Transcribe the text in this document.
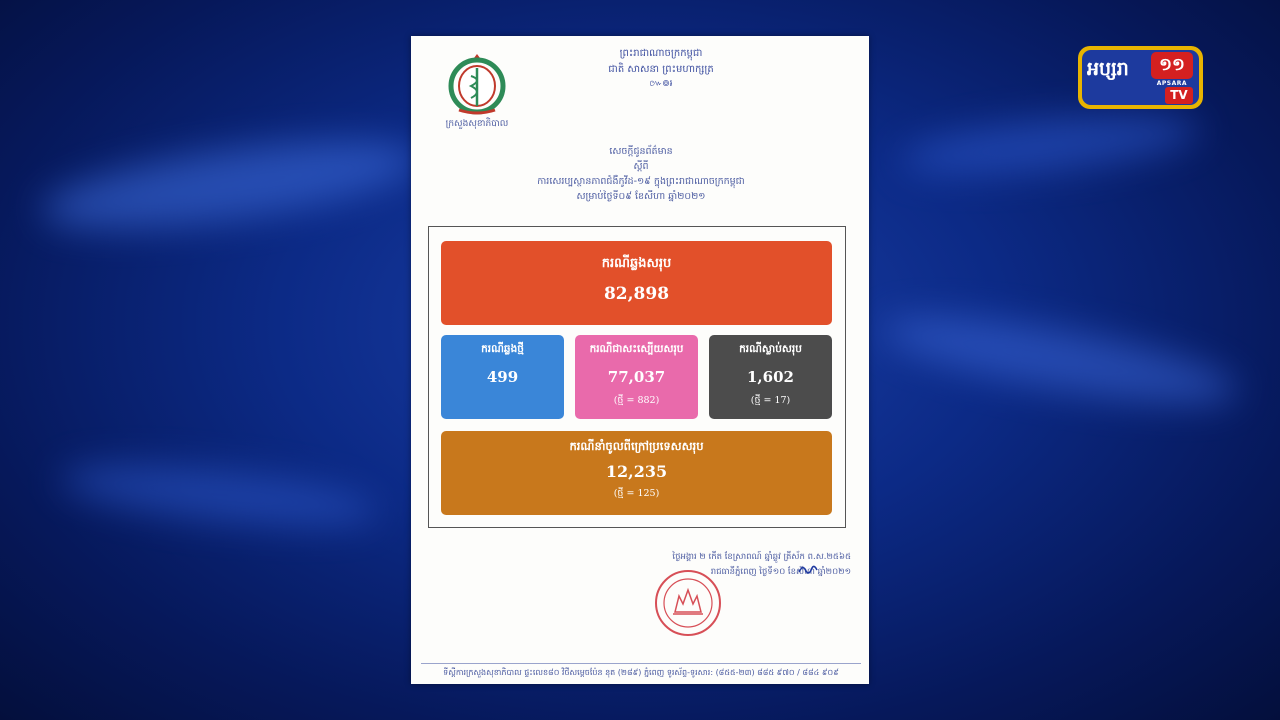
អប្សរា	១១
APSARA
TV
ក្រសួងសុខាភិបាល
ព្រះរាជាណាចក្រកម្ពុជា
ជាតិ សាសនា ព្រះមហាក្សត្រ
៚៙៛
សេចក្តីជូនព័ត៌មាន
ស្តីពី
ការសេរប្បស្ថានភាពជំងឺកូវីដ-១៩ ក្នុងព្រះរាជាណាចក្រកម្ពុជា
សម្រាប់ថ្ងៃទី០៩ ខែសីហា ឆ្នាំ២០២១
ករណីឆ្លងសរុប
82,898
ករណីឆ្លងថ្មី
499
ករណីជាសះស្បើយសរុប
77,037
(ថ្មី = 882)
ករណីស្លាប់សរុប
1,602
(ថ្មី = 17)
ករណីនាំចូលពីក្រៅប្រទេសសរុប
12,235
(ថ្មី = 125)
ថ្ងៃអង្គារ ២ កើត ខែស្រាពណ៍ ឆ្នាំឆ្លូវ ត្រីស័ក ព.ស.២៥៦៥
រាជធានីភ្នំពេញ ថ្ងៃទី១០ ខែសីហា ឆ្នាំ២០២១
ទីស្តីការក្រសួងសុខាភិបាល ផ្ទះលេខ៨០ វិថីសម្តេចប៉ែន នុត (២៨៩) ភ្នំពេញ ទូរស័ព្ទ-ទូរសារ: (៨៥៥-២៣) ៨៨៥ ៩៧០ / ៨៨៤ ៩០៩
